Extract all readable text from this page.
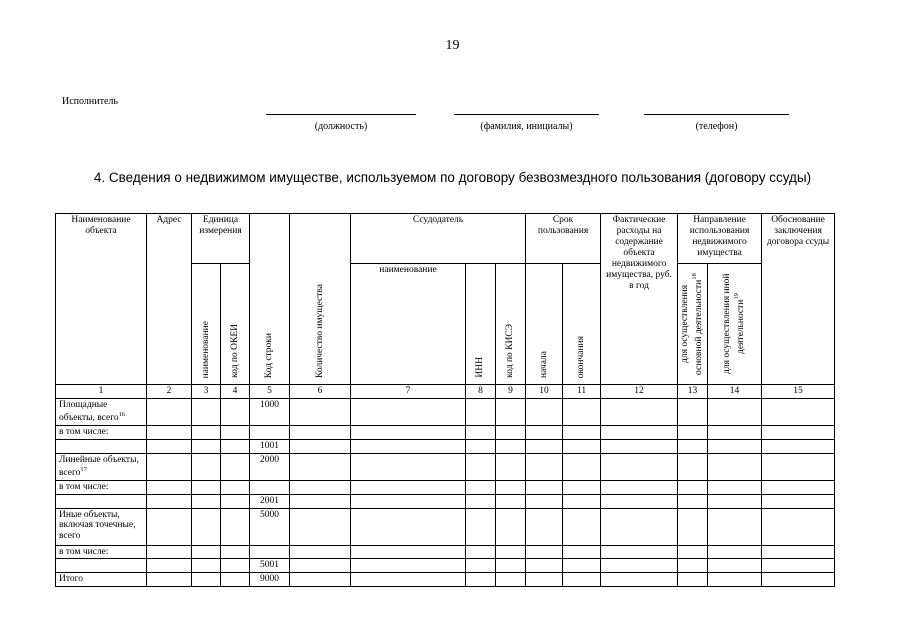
19
Исполнитель
(должность)	(фамилия, инициалы)	(телефон)
4. Сведения о недвижимом имуществе, используемом по договору безвозмездного пользования (договору ссуды)
Наименование объекта	Адрес	Единица измерения		Код строки	Количество имущества	Ссудодатель			Срок пользования		Фактические расходы на содержание объекта недвижимого имущества, руб. в год	Направление использования недвижимого имущества		Обоснование заключения договора ссуды
		наименование	код по ОКЕИ			наименование	ИНН	код по КИСЭ	начала	окончания		для осуществления основной деятельности$^{18}$	для осуществления иной деятельности$^{19}$
1	2	3	4	5	6	7	8	9	10	11	12	13	14	15
Площадные объекты, всего$^{16}$				1000										
в том числе:														
				1001										
Линейные объекты, всего$^{17}$				2000										
в том числе:														
				2001										
Иные объекты, включая точечные, всего				5000										
в том числе:														
				5001										
Итого				9000										
